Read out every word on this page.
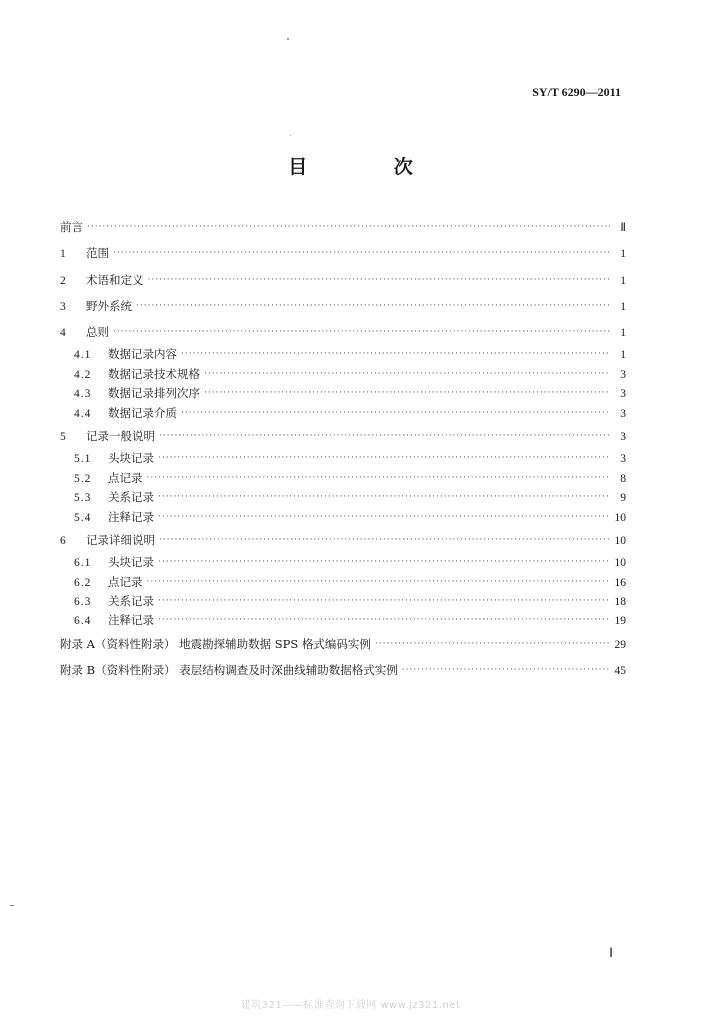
SY/T 6290—2011
目 次
前言 ·····	Ⅱ
1	范围 ·····	1
2	术语和定义 ·····	1
3	野外系统 ·····	1
4	总则 ·····	1
4.1	数据记录内容 ·····	1
4.2	数据记录技术规格 ·····	3
4.3	数据记录排列次序 ·····	3
4.4	数据记录介质 ·····	3
5	记录一般说明 ·····	3
5.1	头块记录 ·····	3
5.2	点记录 ·····	8
5.3	关系记录 ·····	9
5.4	注释记录 ·····	10
6	记录详细说明 ·····	10
6.1	头块记录 ·····	10
6.2	点记录 ·····	16
6.3	关系记录 ·····	18
6.4	注释记录 ·····	19
附录 A（资料性附录） 地震勘探辅助数据 SPS 格式编码实例 ·····	29
附录 B（资料性附录） 表层结构调查及时深曲线辅助数据格式实例 ·····	45
Ⅰ
建筑321——标准查询下载网 www.jz321.net
